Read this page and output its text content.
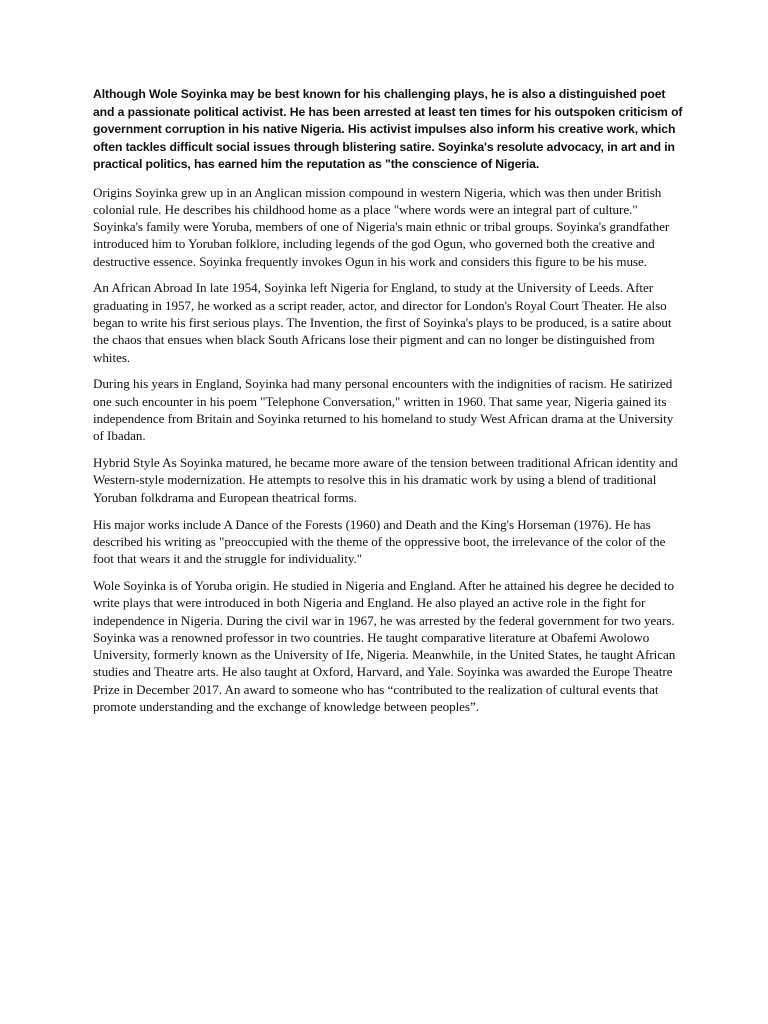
Although Wole Soyinka may be best known for his challenging plays, he is also a distinguished poet and a passionate political activist. He has been arrested at least ten times for his outspoken criticism of government corruption in his native Nigeria. His activist impulses also inform his creative work, which often tackles difficult social issues through blistering satire. Soyinka's resolute advocacy, in art and in practical politics, has earned him the reputation as "the conscience of Nigeria.

Origins Soyinka grew up in an Anglican mission compound in western Nigeria, which was then under British colonial rule. He describes his childhood home as a place "where words were an integral part of culture." Soyinka's family were Yoruba, members of one of Nigeria's main ethnic or tribal groups. Soyinka's grandfather introduced him to Yoruban folklore, including legends of the god Ogun, who governed both the creative and destructive essence. Soyinka frequently invokes Ogun in his work and considers this figure to be his muse.

An African Abroad In late 1954, Soyinka left Nigeria for England, to study at the University of Leeds. After graduating in 1957, he worked as a script reader, actor, and director for London's Royal Court Theater. He also began to write his first serious plays. The Invention, the first of Soyinka's plays to be produced, is a satire about the chaos that ensues when black South Africans lose their pigment and can no longer be distinguished from whites.

During his years in England, Soyinka had many personal encounters with the indignities of racism. He satirized one such encounter in his poem "Telephone Conversation," written in 1960. That same year, Nigeria gained its independence from Britain and Soyinka returned to his homeland to study West African drama at the University of Ibadan.

Hybrid Style As Soyinka matured, he became more aware of the tension between traditional African identity and Western-style modernization. He attempts to resolve this in his dramatic work by using a blend of traditional Yoruban folkdrama and European theatrical forms.

His major works include A Dance of the Forests (1960) and Death and the King's Horseman (1976). He has described his writing as "preoccupied with the theme of the oppressive boot, the irrelevance of the color of the foot that wears it and the struggle for individuality."

Wole Soyinka is of Yoruba origin. He studied in Nigeria and England. After he attained his degree he decided to write plays that were introduced in both Nigeria and England. He also played an active role in the fight for independence in Nigeria. During the civil war in 1967, he was arrested by the federal government for two years. Soyinka was a renowned professor in two countries. He taught comparative literature at Obafemi Awolowo University, formerly known as the University of Ife, Nigeria. Meanwhile, in the United States, he taught African studies and Theatre arts. He also taught at Oxford, Harvard, and Yale. Soyinka was awarded the Europe Theatre Prize in December 2017. An award to someone who has “contributed to the realization of cultural events that promote understanding and the exchange of knowledge between peoples”.
